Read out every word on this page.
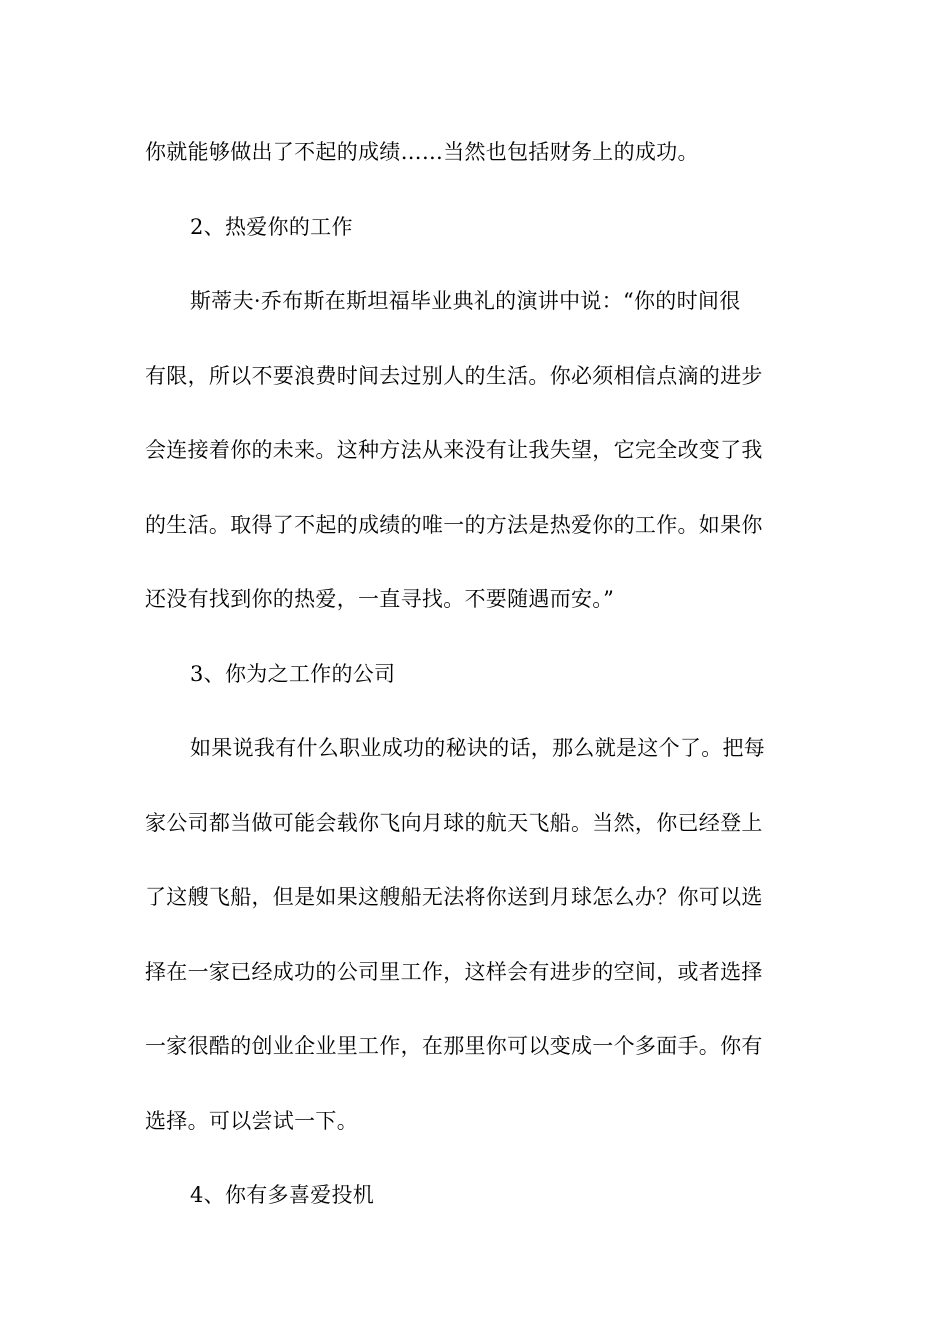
你就能够做出了不起的成绩……当然也包括财务上的成功。
2、热爱你的工作
斯蒂夫·乔布斯在斯坦福毕业典礼的演讲中说：“你的时间很
有限，所以不要浪费时间去过别人的生活。你必须相信点滴的进步
会连接着你的未来。这种方法从来没有让我失望，它完全改变了我
的生活。取得了不起的成绩的唯一的方法是热爱你的工作。如果你
还没有找到你的热爱，一直寻找。不要随遇而安。”
3、你为之工作的公司
如果说我有什么职业成功的秘诀的话，那么就是这个了。把每
家公司都当做可能会载你飞向月球的航天飞船。当然，你已经登上
了这艘飞船，但是如果这艘船无法将你送到月球怎么办？你可以选
择在一家已经成功的公司里工作，这样会有进步的空间，或者选择
一家很酷的创业企业里工作，在那里你可以变成一个多面手。你有
选择。可以尝试一下。
4、你有多喜爱投机
